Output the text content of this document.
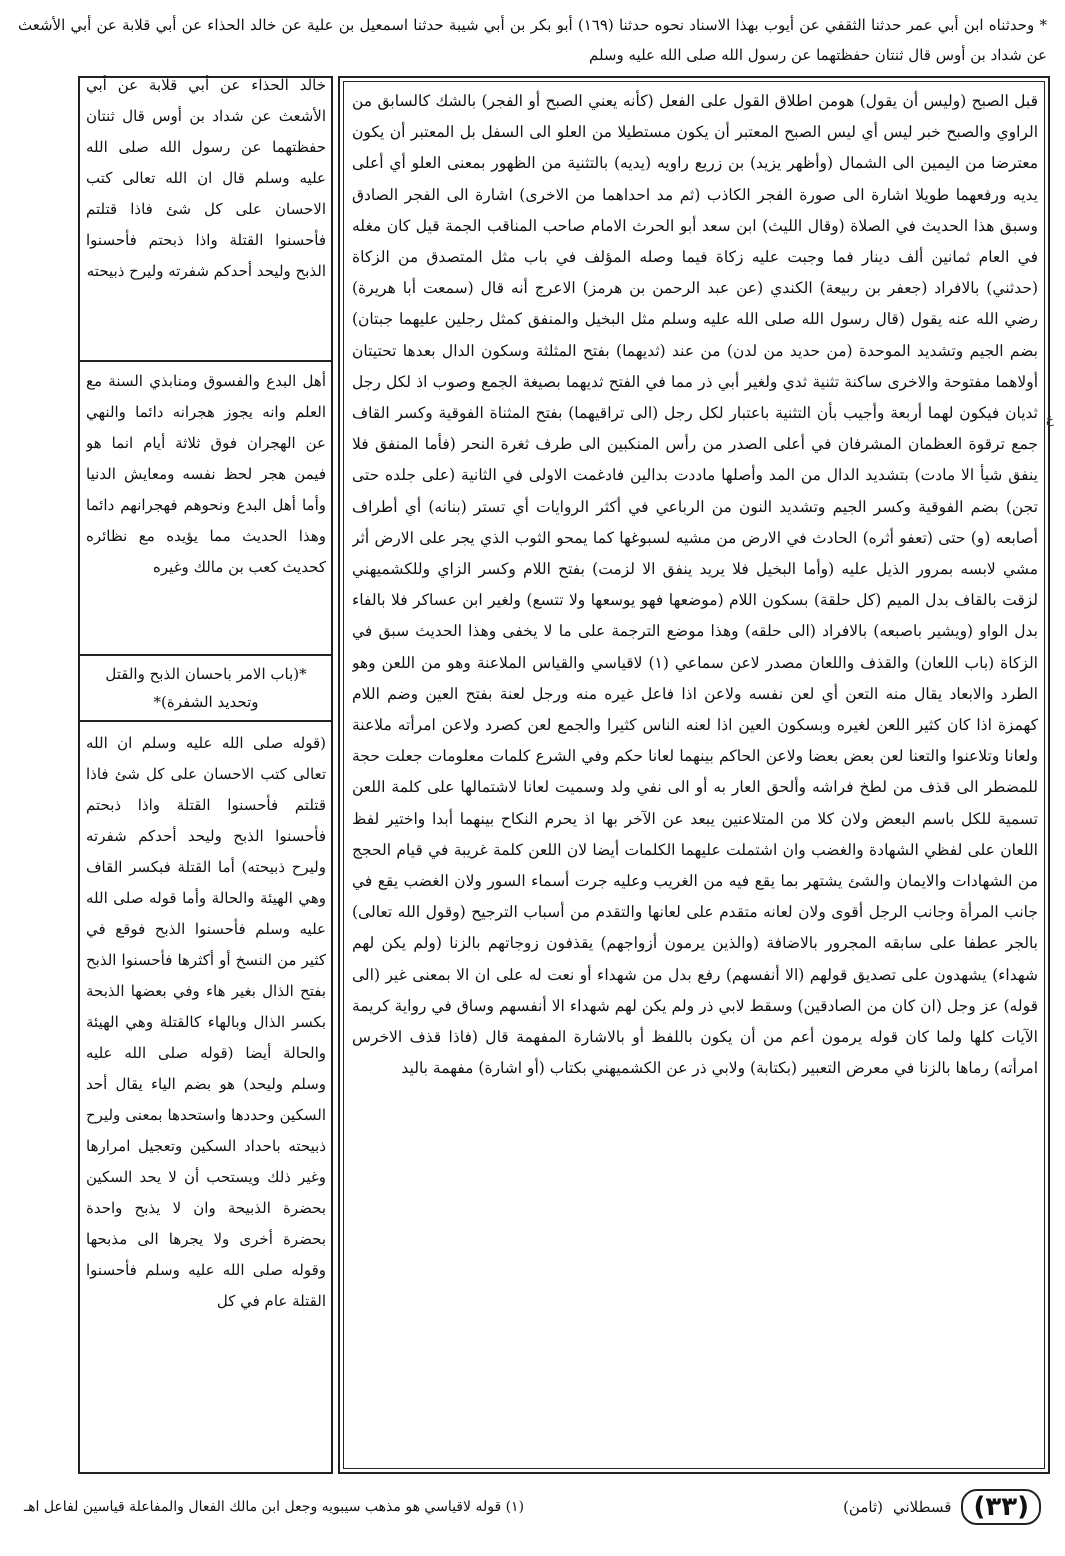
* وحدثناه ابن أبي عمر حدثنا الثقفي عن أيوب بهذا الاسناد نحوه حدثنا (١٦٩) أبو بكر بن أبي شيبة حدثنا اسمعيل بن علية عن خالد الحذاء عن أبي قلابة عن أبي الأشعث عن شداد بن أوس قال ثنتان حفظتهما عن رسول الله صلى الله عليه وسلم

قبل الصبح (وليس أن يقول) هومن اطلاق القول على الفعل (كأنه يعني الصبح أو الفجر) بالشك كالسابق من الراوي والصبح خبر ليس أي ليس الصبح المعتبر أن يكون مستطيلا من العلو الى السفل بل المعتبر أن يكون معترضا من اليمين الى الشمال (وأظهر يزيد) بن زريع راويه (يديه) بالتثنية من الظهور بمعنى العلو أي أعلى يديه ورفعهما طويلا اشارة الى صورة الفجر الكاذب (ثم مد احداهما من الاخرى) اشارة الى الفجر الصادق وسبق هذا الحديث في الصلاة (وقال الليث) ابن سعد أبو الحرث الامام صاحب المناقب الجمة قيل كان مغله في العام ثمانين ألف دينار فما وجبت عليه زكاة فيما وصله المؤلف في باب مثل المتصدق من الزكاة (حدثني) بالافراد (جعفر بن ربيعة) الكندي (عن عبد الرحمن بن هرمز) الاعرج أنه قال (سمعت أبا هريرة) رضي الله عنه يقول (قال رسول الله صلى الله عليه وسلم مثل البخيل والمنفق كمثل رجلين عليهما جبتان) بضم الجيم وتشديد الموحدة (من حديد من لدن) من عند (ثديهما) بفتح المثلثة وسكون الدال بعدها تحتيتان أولاهما مفتوحة والاخرى ساكنة تثنية ثدي ولغير أبي ذر مما في الفتح ثديهما بصيغة الجمع وصوب اذ لكل رجل ثديان فيكون لهما أربعة وأجيب بأن التثنية باعتبار لكل رجل (الى تراقيهما) بفتح المثناة الفوقية وكسر القاف جمع ترقوة العظمان المشرفان في أعلى الصدر من رأس المنكبين الى طرف ثغرة النحر (فأما المنفق فلا ينفق شيأ الا مادت) بتشديد الدال من المد وأصلها ماددت بدالين فادغمت الاولى في الثانية (على جلده حتى تجن) بضم الفوقية وكسر الجيم وتشديد النون من الرباعي في أكثر الروايات أي تستر (بنانه) أي أطراف أصابعه (و) حتى (تعفو أثره) الحادث في الارض من مشيه لسبوغها كما يمحو الثوب الذي يجر على الارض أثر مشي لابسه بمرور الذيل عليه (وأما البخيل فلا يريد ينفق الا لزمت) بفتح اللام وكسر الزاي وللكشميهني لزقت بالقاف بدل الميم (كل حلقة) بسكون اللام (موضعها فهو يوسعها ولا تتسع) ولغير ابن عساكر فلا بالفاء بدل الواو (ويشير باصبعه) بالافراد (الى حلقه) وهذا موضع الترجمة على ما لا يخفى وهذا الحديث سبق في الزكاة (باب اللعان) والقذف واللعان مصدر لاعن سماعي (١) لاقياسي والقياس الملاعنة وهو من اللعن وهو الطرد والابعاد يقال منه التعن أي لعن نفسه ولاعن اذا فاعل غيره منه ورجل لعنة بفتح العين وضم اللام كهمزة اذا كان كثير اللعن لغيره وبسكون العين اذا لعنه الناس كثيرا والجمع لعن كصرد ولاعن امرأته ملاعنة ولعانا وتلاعنوا والتعنا لعن بعض بعضا ولاعن الحاكم بينهما لعانا حكم وفي الشرع كلمات معلومات جعلت حجة للمضطر الى قذف من لطخ فراشه وألحق العار به أو الى نفي ولد وسميت لعانا لاشتمالها على كلمة اللعن تسمية للكل باسم البعض ولان كلا من المتلاعنين يبعد عن الآخر بها اذ يحرم النكاح بينهما أبدا واختير لفظ اللعان على لفظي الشهادة والغضب وان اشتملت عليهما الكلمات أيضا لان اللعن كلمة غريبة في قيام الحجج من الشهادات والايمان والشئ يشتهر بما يقع فيه من الغريب وعليه جرت أسماء السور ولان الغضب يقع في جانب المرأة وجانب الرجل أقوى ولان لعانه متقدم على لعانها والتقدم من أسباب الترجيح (وقول الله تعالى) بالجر عطفا على سابقه المجرور بالاضافة (والذين يرمون أزواجهم) يقذفون زوجاتهم بالزنا (ولم يكن لهم شهداء) يشهدون على تصديق قولهم (الا أنفسهم) رفع بدل من شهداء أو نعت له على ان الا بمعنى غير (الى قوله) عز وجل (ان كان من الصادقين) وسقط لابي ذر ولم يكن لهم شهداء الا أنفسهم وساق في رواية كريمة الآيات كلها ولما كان قوله يرمون أعم من أن يكون باللفظ أو بالاشارة المفهمة قال (فاذا قذف الاخرس امرأته) رماها بالزنا في معرض التعبير (بكتابة) ولابي ذر عن الكشميهني بكتاب (أو اشارة) مفهمة باليد

ع
خالد الحذاء عن أبي قلابة عن أبي الأشعث عن شداد بن أوس قال ثنتان حفظتهما عن رسول الله صلى الله عليه وسلم قال ان الله تعالى كتب الاحسان على كل شئ فاذا قتلتم فأحسنوا القتلة واذا ذبحتم فأحسنوا الذبح وليحد أحدكم شفرته وليرح ذبيحته
أهل البدع والفسوق ومنابذي السنة مع العلم وانه يجوز هجرانه دائما والنهي عن الهجران فوق ثلاثة أيام انما هو فيمن هجر لحظ نفسه ومعايش الدنيا وأما أهل البدع ونحوهم فهجرانهم دائما وهذا الحديث مما يؤيده مع نظائره كحديث كعب بن مالك وغيره
*(باب الامر باحسان الذبح والقتل وتحديد الشفرة)*
(قوله صلى الله عليه وسلم ان الله تعالى كتب الاحسان على كل شئ فاذا قتلتم فأحسنوا القتلة واذا ذبحتم فأحسنوا الذبح وليحد أحدكم شفرته وليرح ذبيحته) أما القتلة فبكسر القاف وهي الهيئة والحالة وأما قوله صلى الله عليه وسلم فأحسنوا الذبح فوقع في كثير من النسخ أو أكثرها فأحسنوا الذبح بفتح الذال بغير هاء وفي بعضها الذبحة بكسر الذال وبالهاء كالقتلة وهي الهيئة والحالة أيضا (قوله صلى الله عليه وسلم وليحد) هو بضم الياء يقال أحد السكين وحددها واستحدها بمعنى وليرح ذبيحته باحداد السكين وتعجيل امرارها وغير ذلك ويستحب أن لا يحد السكين بحضرة الذبيحة وان لا يذبح واحدة بحضرة أخرى ولا يجرها الى مذبحها وقوله صلى الله عليه وسلم فأحسنوا القتلة عام في كل
(٣٣)
قسطلاني
(ثامن)
(١) قوله لاقياسي هو مذهب سيبويه وجعل ابن مالك الفعال والمفاعلة قياسين لفاعل اهـ
